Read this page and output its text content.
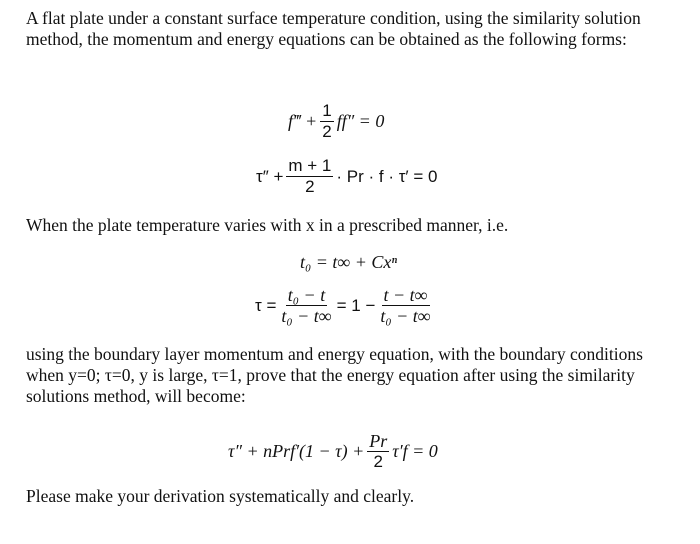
A flat plate under a constant surface temperature condition, using the similarity solution method, the momentum and energy equations can be obtained as the following forms:
f‴ + $\frac{1}{2} ff'' = 0$
$\tau'' + \frac{m + 1}{2} \cdot Pr \cdot f \cdot \tau' = 0$
When the plate temperature varies with x in a prescribed manner, i.e.
t₀ = t∞ + Cxⁿ
$\tau = \frac{\text{t₀ − t}}{\text{t₀ − t∞}} = 1 - \frac{t - t\infty}{\text{t₀ − t∞}}$
using the boundary layer momentum and energy equation, with the boundary conditions when y=0; τ=0, y is large, τ=1, prove that the energy equation after using the similarity solutions method, will become:
τ″ + nPrf′(1 − $\tau) + \frac{Pr}{2} \tau'f = 0$
Please make your derivation systematically and clearly.
